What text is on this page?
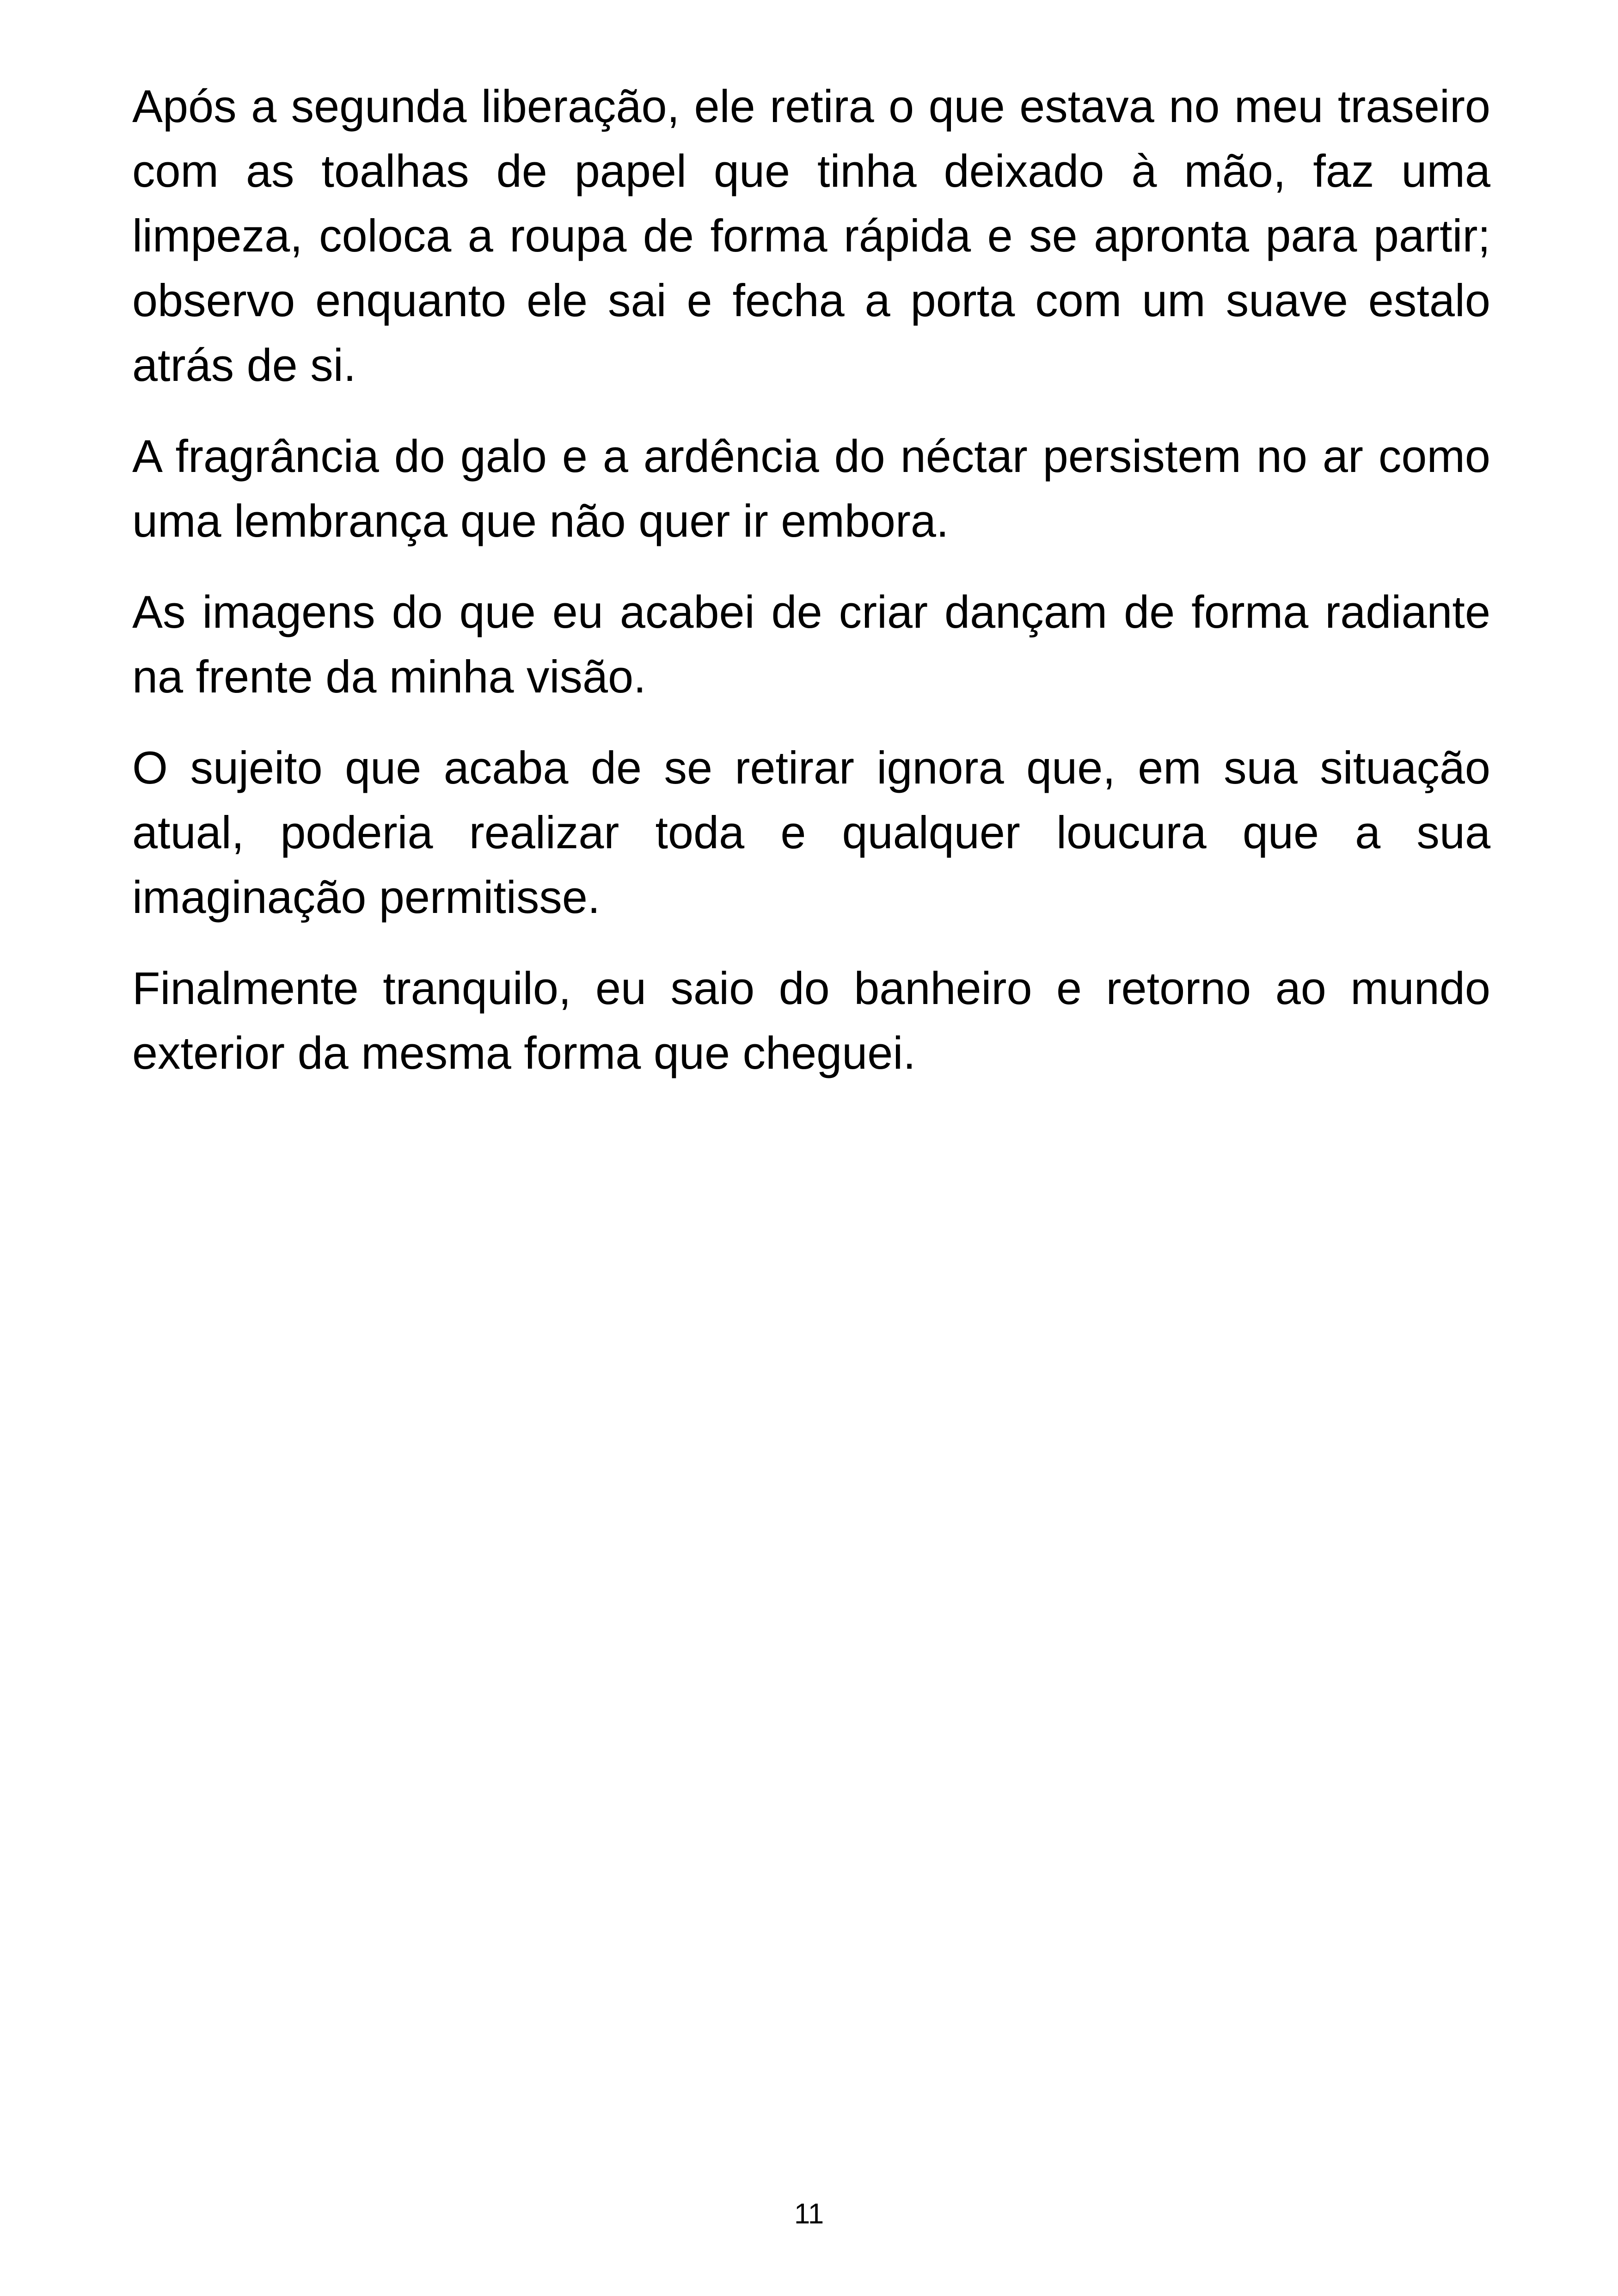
Após a segunda liberação, ele retira o que estava no meu traseiro com as toalhas de papel que tinha deixado à mão, faz uma limpeza, coloca a roupa de forma rápida e se apronta para partir; observo enquanto ele sai e fecha a porta com um suave estalo atrás de si.

A fragrância do galo e a ardência do néctar persistem no ar como uma lembrança que não quer ir embora.

As imagens do que eu acabei de criar dançam de forma radiante na frente da minha visão.

O sujeito que acaba de se retirar ignora que, em sua situação atual, poderia realizar toda e qualquer loucura que a sua imaginação permitisse.

Finalmente tranquilo, eu saio do banheiro e retorno ao mundo exterior da mesma forma que cheguei.

11
